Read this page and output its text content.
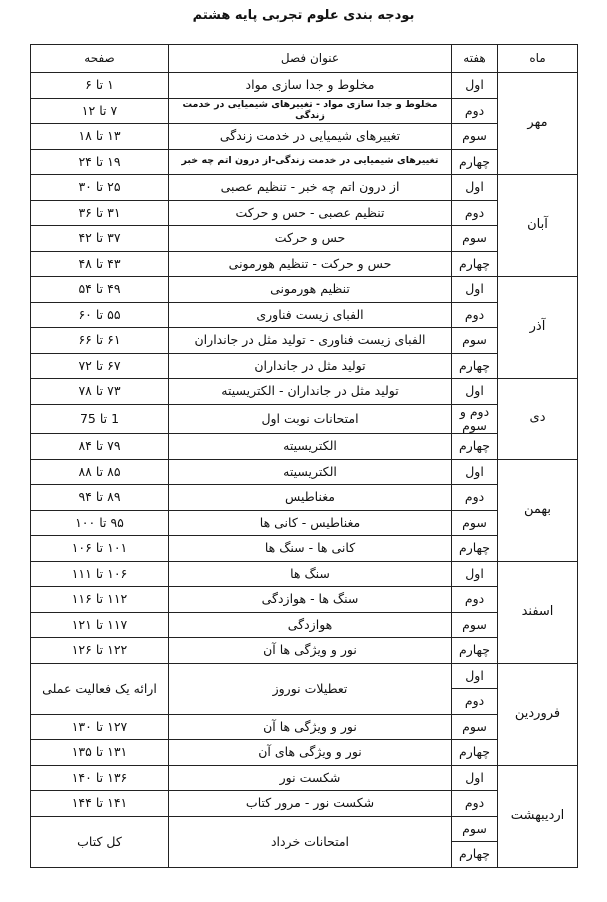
بودجه بندی علوم تجربی پایه هشتم
ماه	هفته	عنوان فصل	صفحه
مهر	اول	مخلوط و جدا سازی مواد	۱ تا ۶
	دوم	مخلوط و جدا سازی مواد - تغییرهای شیمیایی در خدمت زندگی	۷ تا ۱۲
	سوم	تغییرهای شیمیایی در خدمت زندگی	۱۳ تا ۱۸
	چهارم	تغییرهای شیمیایی در خدمت زندگی-از درون اتم چه خبر	۱۹ تا ۲۴
آبان	اول	از درون اتم چه خبر - تنظیم عصبی	۲۵ تا ۳۰
	دوم	تنظیم عصبی - حس و حرکت	۳۱ تا ۳۶
	سوم	حس و حرکت	۳۷ تا ۴۲
	چهارم	حس و حرکت - تنظیم هورمونی	۴۳ تا ۴۸
آذر	اول	تنظیم هورمونی	۴۹ تا ۵۴
	دوم	الفبای زیست فناوری	۵۵ تا ۶۰
	سوم	الفبای زیست فناوری - تولید مثل در جانداران	۶۱ تا ۶۶
	چهارم	تولید مثل در جانداران	۶۷ تا ۷۲
دی	اول	تولید مثل در جانداران - الکتریسیته	۷۳ تا ۷۸
	دوم و سوم	امتحانات نوبت اول	1 تا 75
	چهارم	الکتریسیته	۷۹ تا ۸۴
بهمن	اول	الکتریسیته	۸۵ تا ۸۸
	دوم	مغناطیس	۸۹ تا ۹۴
	سوم	مغناطیس - کانی ها	۹۵ تا ۱۰۰
	چهارم	کانی ها - سنگ ها	۱۰۱ تا ۱۰۶
اسفند	اول	سنگ ها	۱۰۶ تا ۱۱۱
	دوم	سنگ ها - هوازدگی	۱۱۲ تا ۱۱۶
	سوم	هوازدگی	۱۱۷ تا ۱۲۱
	چهارم	نور و ویژگی ها آن	۱۲۲ تا ۱۲۶
فروردین	اول	تعطیلات نوروز	ارائه یک فعالیت عملی
	دوم		
	سوم	نور و ویژگی ها آن	۱۲۷ تا ۱۳۰
	چهارم	نور و ویژگی های آن	۱۳۱ تا ۱۳۵
اردیبهشت	اول	شکست نور	۱۳۶ تا ۱۴۰
	دوم	شکست نور - مرور کتاب	۱۴۱ تا ۱۴۴
	سوم	امتحانات خرداد	کل کتاب
	چهارم		
